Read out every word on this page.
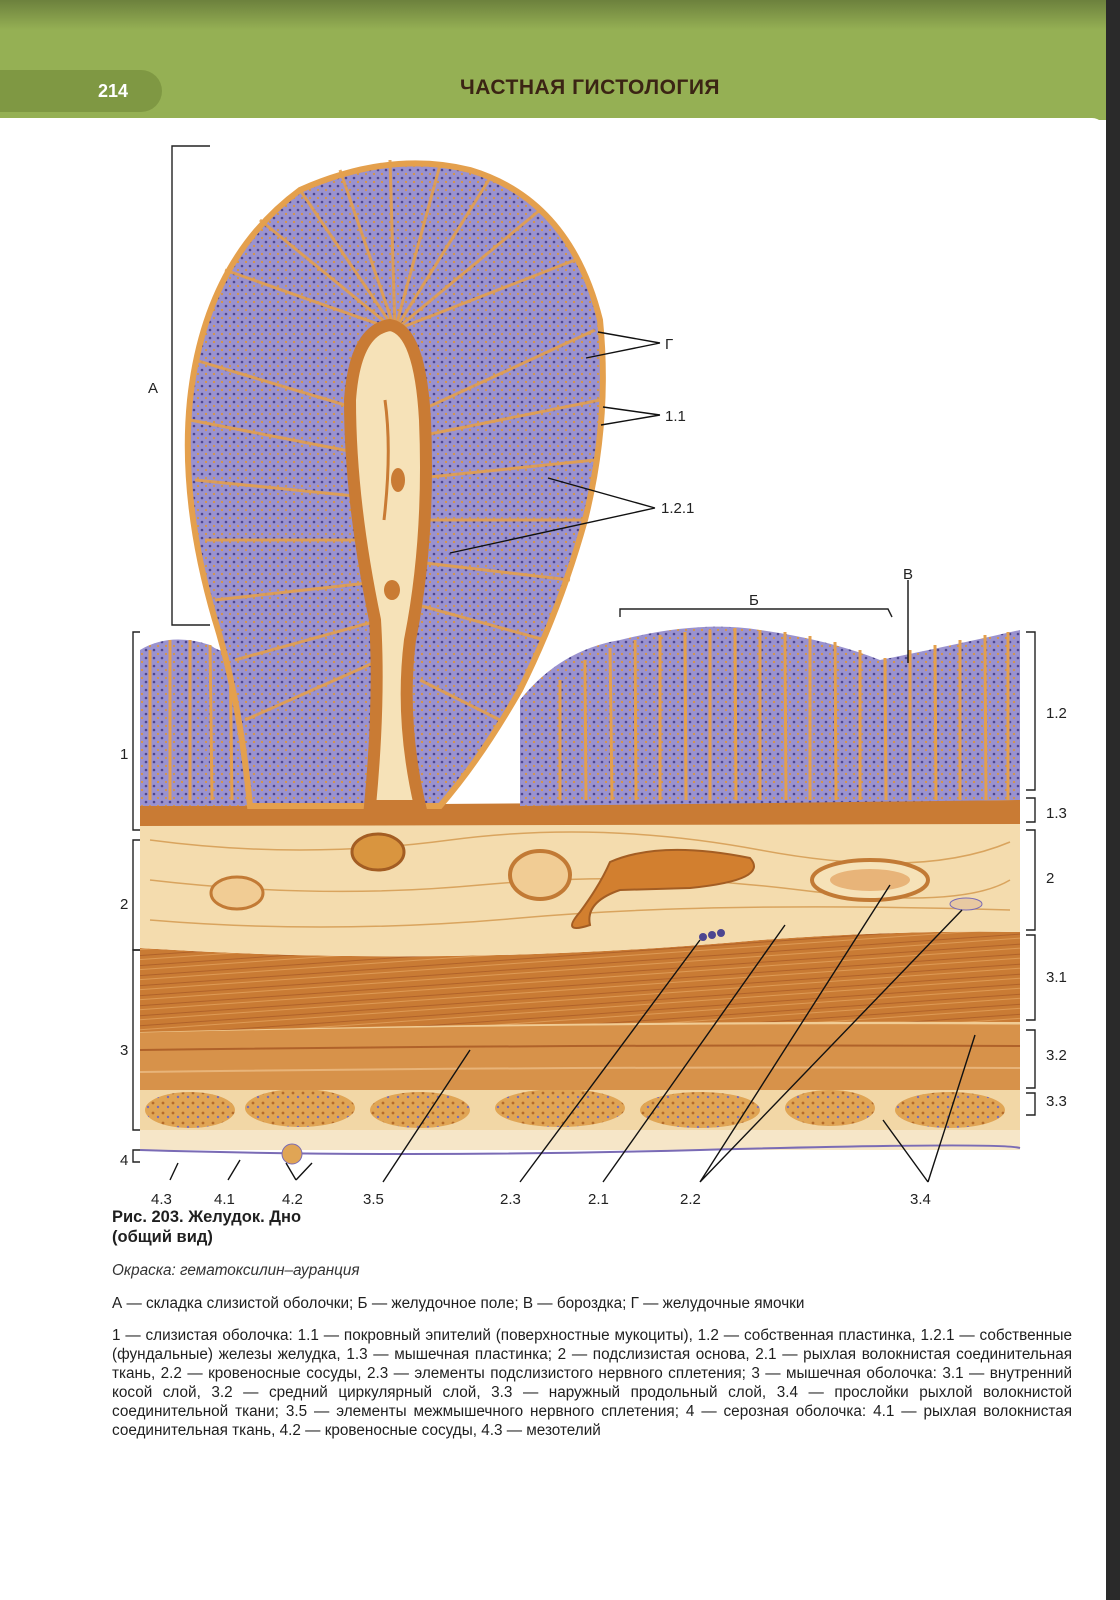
214	ЧАСТНАЯ ГИСТОЛОГИЯ
А
Г
1.1
1.2.1
В
Б
1.2
1.3
2
3.1
3.2
3.3
1
2
3
4
4.3	4.1	4.2	3.5	2.3	2.1	2.2	3.4
Рис. 203. Желудок. Дно
(общий вид)
Окраска: гематоксилин–ауранция
А — складка слизистой оболочки; Б — желудочное поле; В — бороздка; Г — желудочные ямочки
1 — слизистая оболочка: 1.1 — покровный эпителий (поверхностные мукоциты), 1.2 — собственная пластинка, 1.2.1 — собственные (фундальные) железы желудка, 1.3 — мышечная пластинка; 2 — подслизистая основа, 2.1 — рыхлая волокнистая соединительная ткань, 2.2 — кровеносные сосуды, 2.3 — элементы подслизистого нервного сплетения; 3 — мышечная оболочка: 3.1 — внутренний косой слой, 3.2 — средний циркулярный слой, 3.3 — наружный продольный слой, 3.4 — прослойки рыхлой волокнистой соединительной ткани; 3.5 — элементы межмышечного нервного сплетения; 4 — серозная оболочка: 4.1 — рыхлая волокнистая соединительная ткань, 4.2 — кровеносные сосуды, 4.3 — мезотелий
